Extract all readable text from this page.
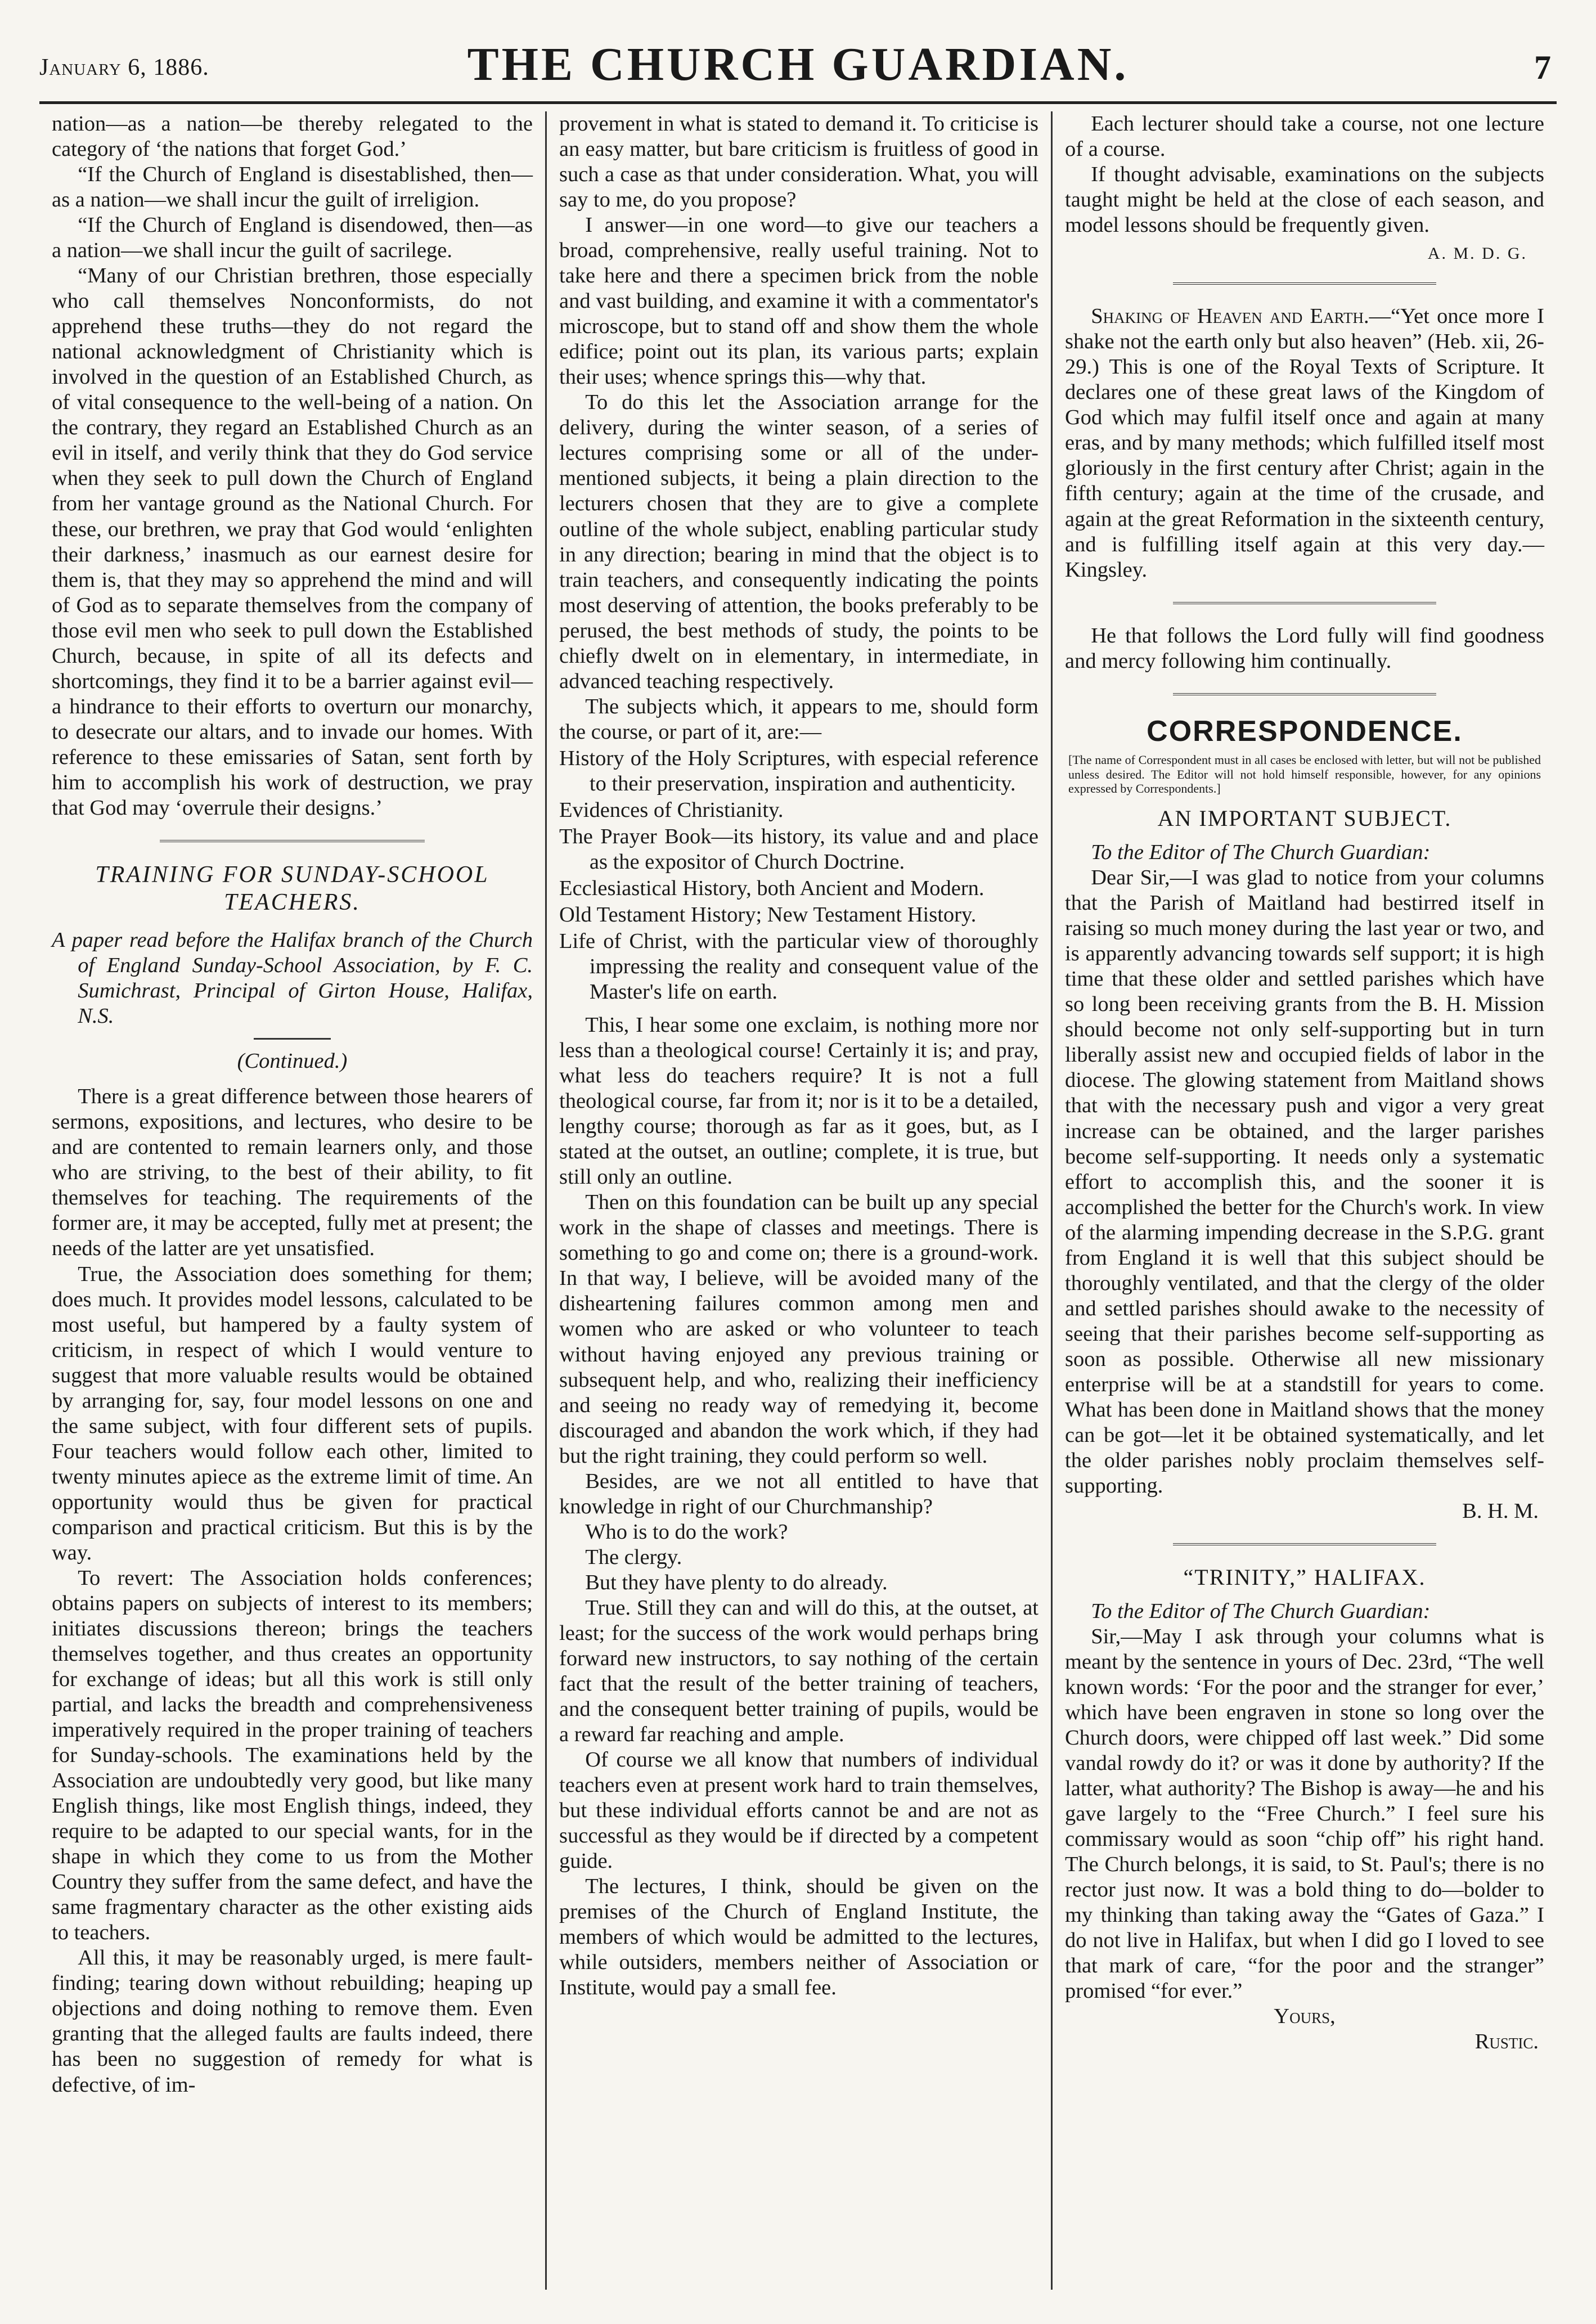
January 6, 1886.	THE CHURCH GUARDIAN.	7

nation—as a nation—be thereby relegated to the category of ‘the nations that forget God.’

“If the Church of England is disestablished, then—as a nation—we shall incur the guilt of irreligion.

“If the Church of England is disendowed, then—as a nation—we shall incur the guilt of sacrilege.

“Many of our Christian brethren, those especially who call themselves Nonconformists, do not apprehend these truths—they do not regard the national acknowledgment of Christianity which is involved in the question of an Established Church, as of vital consequence to the well-being of a nation. On the contrary, they regard an Established Church as an evil in itself, and verily think that they do God service when they seek to pull down the Church of England from her vantage ground as the National Church. For these, our brethren, we pray that God would ‘enlighten their darkness,’ inasmuch as our earnest desire for them is, that they may so apprehend the mind and will of God as to separate themselves from the company of those evil men who seek to pull down the Established Church, because, in spite of all its defects and shortcomings, they find it to be a barrier against evil—a hindrance to their efforts to overturn our monarchy, to desecrate our altars, and to invade our homes. With reference to these emissaries of Satan, sent forth by him to accomplish his work of destruction, we pray that God may ‘overrule their designs.’

TRAINING FOR SUNDAY-SCHOOL TEACHERS.
A paper read before the Halifax branch of the Church of England Sunday-School Association, by F. C. Sumichrast, Principal of Girton House, Halifax, N.S.
(Continued.)

There is a great difference between those hearers of sermons, expositions, and lectures, who desire to be and are contented to remain learners only, and those who are striving, to the best of their ability, to fit themselves for teaching. The requirements of the former are, it may be accepted, fully met at present; the needs of the latter are yet unsatisfied.

True, the Association does something for them; does much. It provides model lessons, calculated to be most useful, but hampered by a faulty system of criticism, in respect of which I would venture to suggest that more valuable results would be obtained by arranging for, say, four model lessons on one and the same subject, with four different sets of pupils. Four teachers would follow each other, limited to twenty minutes apiece as the extreme limit of time. An opportunity would thus be given for practical comparison and practical criticism. But this is by the way.

To revert: The Association holds conferences; obtains papers on subjects of interest to its members; initiates discussions thereon; brings the teachers themselves together, and thus creates an opportunity for exchange of ideas; but all this work is still only partial, and lacks the breadth and comprehensiveness imperatively required in the proper training of teachers for Sunday-schools. The examinations held by the Association are undoubtedly very good, but like many English things, like most English things, indeed, they require to be adapted to our special wants, for in the shape in which they come to us from the Mother Country they suffer from the same defect, and have the same fragmentary character as the other existing aids to teachers.

All this, it may be reasonably urged, is mere fault-finding; tearing down without rebuilding; heaping up objections and doing nothing to remove them. Even granting that the alleged faults are faults indeed, there has been no suggestion of remedy for what is defective, of im-

provement in what is stated to demand it. To criticise is an easy matter, but bare criticism is fruitless of good in such a case as that under consideration. What, you will say to me, do you propose?

I answer—in one word—to give our teachers a broad, comprehensive, really useful training. Not to take here and there a specimen brick from the noble and vast building, and examine it with a commentator's microscope, but to stand off and show them the whole edifice; point out its plan, its various parts; explain their uses; whence springs this—why that.

To do this let the Association arrange for the delivery, during the winter season, of a series of lectures comprising some or all of the under-mentioned subjects, it being a plain direction to the lecturers chosen that they are to give a complete outline of the whole subject, enabling particular study in any direction; bearing in mind that the object is to train teachers, and consequently indicating the points most deserving of attention, the books preferably to be perused, the best methods of study, the points to be chiefly dwelt on in elementary, in intermediate, in advanced teaching respectively.

The subjects which, it appears to me, should form the course, or part of it, are:—

History of the Holy Scriptures, with especial reference to their preservation, inspiration and authenticity.
Evidences of Christianity.
The Prayer Book—its history, its value and and place as the expositor of Church Doctrine.
Ecclesiastical History, both Ancient and Modern.
Old Testament History; New Testament History.
Life of Christ, with the particular view of thoroughly impressing the reality and consequent value of the Master's life on earth.

This, I hear some one exclaim, is nothing more nor less than a theological course! Certainly it is; and pray, what less do teachers require? It is not a full theological course, far from it; nor is it to be a detailed, lengthy course; thorough as far as it goes, but, as I stated at the outset, an outline; complete, it is true, but still only an outline.

Then on this foundation can be built up any special work in the shape of classes and meetings. There is something to go and come on; there is a ground-work. In that way, I believe, will be avoided many of the disheartening failures common among men and women who are asked or who volunteer to teach without having enjoyed any previous training or subsequent help, and who, realizing their inefficiency and seeing no ready way of remedying it, become discouraged and abandon the work which, if they had but the right training, they could perform so well.

Besides, are we not all entitled to have that knowledge in right of our Churchmanship?

Who is to do the work?

The clergy.

But they have plenty to do already.

True. Still they can and will do this, at the outset, at least; for the success of the work would perhaps bring forward new instructors, to say nothing of the certain fact that the result of the better training of teachers, and the consequent better training of pupils, would be a reward far reaching and ample.

Of course we all know that numbers of individual teachers even at present work hard to train themselves, but these individual efforts cannot be and are not as successful as they would be if directed by a competent guide.

The lectures, I think, should be given on the premises of the Church of England Institute, the members of which would be admitted to the lectures, while outsiders, members neither of Association or Institute, would pay a small fee.

Each lecturer should take a course, not one lecture of a course.

If thought advisable, examinations on the subjects taught might be held at the close of each season, and model lessons should be frequently given.

A. M. D. G.

Shaking of Heaven and Earth.—“Yet once more I shake not the earth only but also heaven” (Heb. xii, 26-29.) This is one of the Royal Texts of Scripture. It declares one of these great laws of the Kingdom of God which may fulfil itself once and again at many eras, and by many methods; which fulfilled itself most gloriously in the first century after Christ; again in the fifth century; again at the time of the crusade, and again at the great Reformation in the sixteenth century, and is fulfilling itself again at this very day.—Kingsley.

He that follows the Lord fully will find goodness and mercy following him continually.

CORRESPONDENCE.
[The name of Correspondent must in all cases be enclosed with letter, but will not be published unless desired. The Editor will not hold himself responsible, however, for any opinions expressed by Correspondents.]
AN IMPORTANT SUBJECT.

To the Editor of The Church Guardian:

Dear Sir,—I was glad to notice from your columns that the Parish of Maitland had bestirred itself in raising so much money during the last year or two, and is apparently advancing towards self support; it is high time that these older and settled parishes which have so long been receiving grants from the B. H. Mission should become not only self-supporting but in turn liberally assist new and occupied fields of labor in the diocese. The glowing statement from Maitland shows that with the necessary push and vigor a very great increase can be obtained, and the larger parishes become self-supporting. It needs only a systematic effort to accomplish this, and the sooner it is accomplished the better for the Church's work. In view of the alarming impending decrease in the S.P.G. grant from England it is well that this subject should be thoroughly ventilated, and that the clergy of the older and settled parishes should awake to the necessity of seeing that their parishes become self-supporting as soon as possible. Otherwise all new missionary enterprise will be at a standstill for years to come. What has been done in Maitland shows that the money can be got—let it be obtained systematically, and let the older parishes nobly proclaim themselves self-supporting.

B. H. M.
“TRINITY,” HALIFAX.

To the Editor of The Church Guardian:

Sir,—May I ask through your columns what is meant by the sentence in yours of Dec. 23rd, “The well known words: ‘For the poor and the stranger for ever,’ which have been engraven in stone so long over the Church doors, were chipped off last week.” Did some vandal rowdy do it? or was it done by authority? If the latter, what authority? The Bishop is away—he and his gave largely to the “Free Church.” I feel sure his commissary would as soon “chip off” his right hand. The Church belongs, it is said, to St. Paul's; there is no rector just now. It was a bold thing to do—bolder to my thinking than taking away the “Gates of Gaza.” I do not live in Halifax, but when I did go I loved to see that mark of care, “for the poor and the stranger” promised “for ever.”

Yours,
Rustic.
